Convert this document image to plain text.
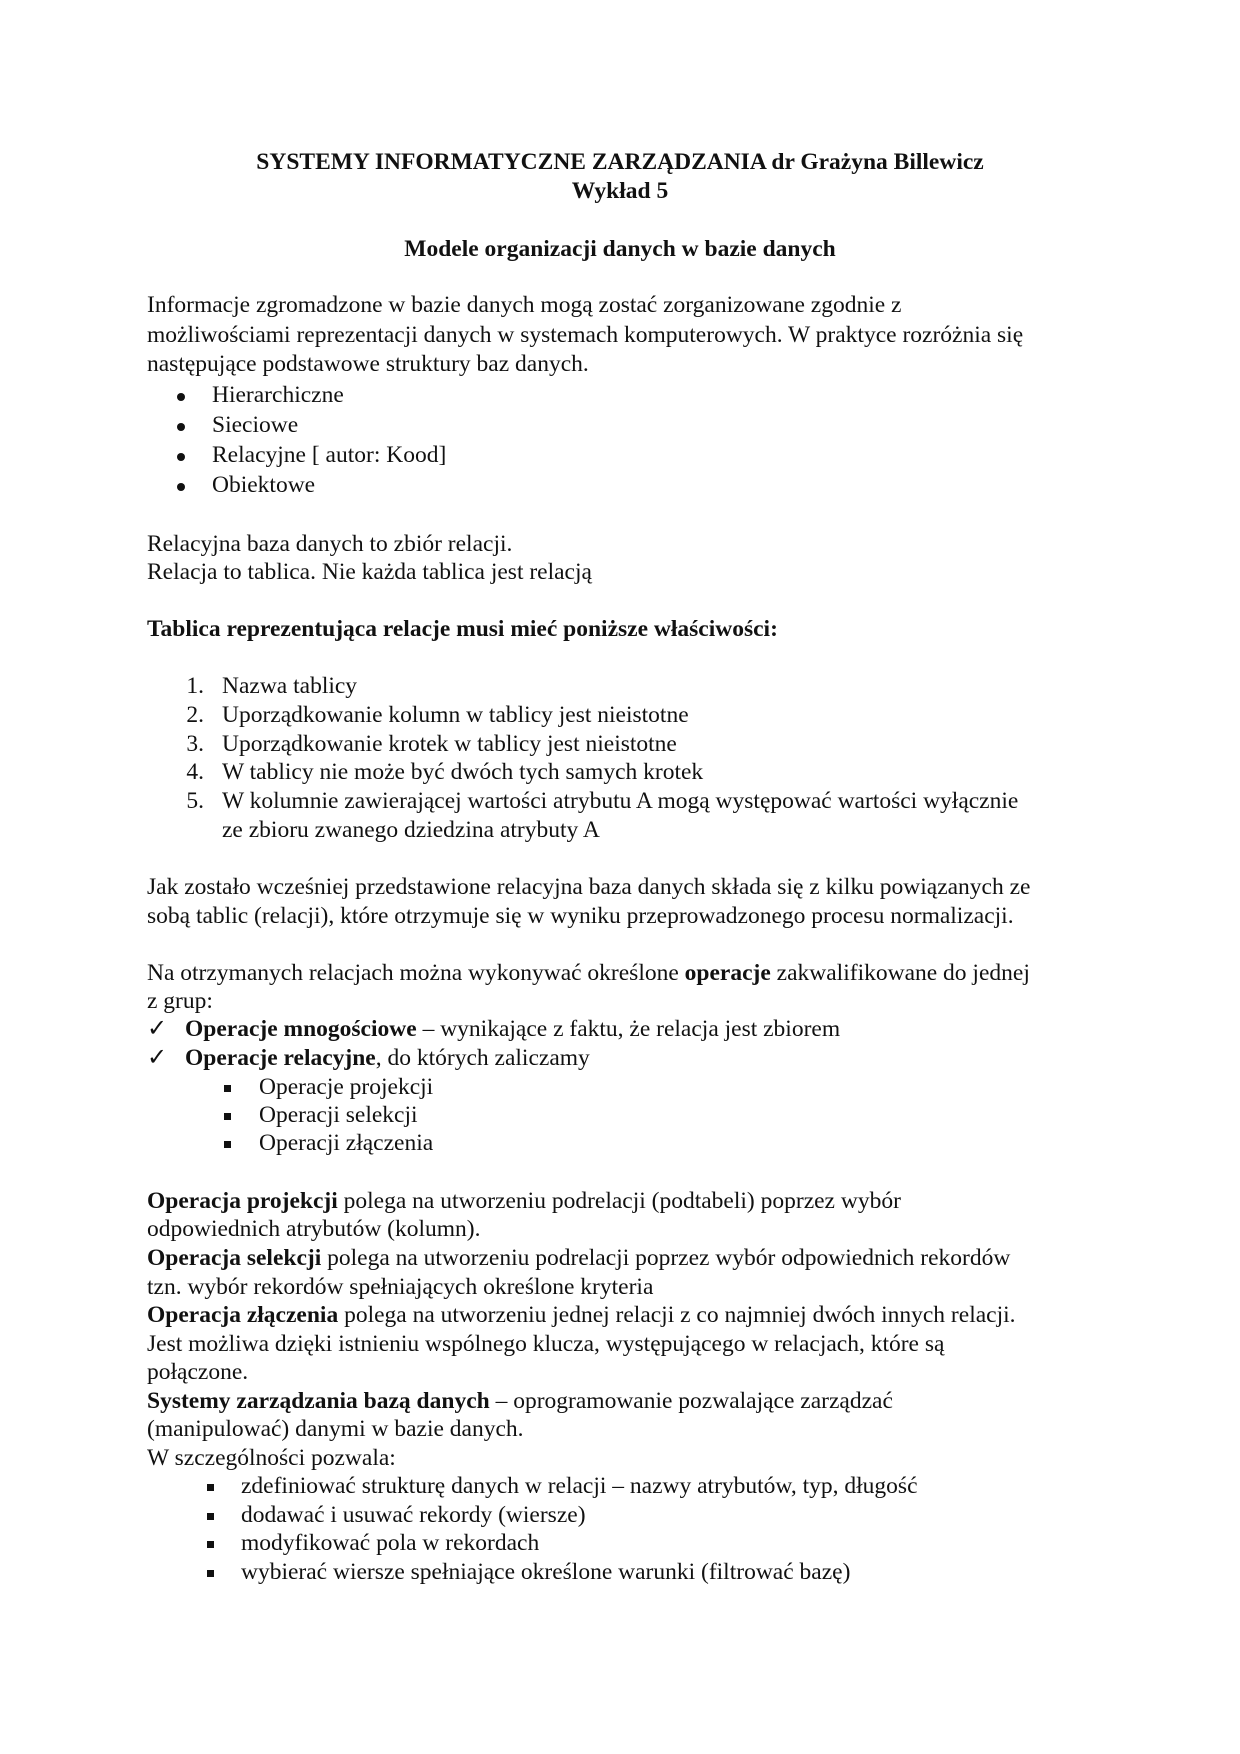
SYSTEMY INFORMATYCZNE ZARZĄDZANIA dr Grażyna Billewicz
Wykład 5
Modele organizacji danych w bazie danych
Informacje zgromadzone w bazie danych mogą zostać zorganizowane zgodnie z
możliwościami reprezentacji danych w systemach komputerowych. W praktyce rozróżnia się
następujące podstawowe struktury baz danych.
Hierarchiczne
Sieciowe
Relacyjne [ autor: Kood]
Obiektowe
Relacyjna baza danych to zbiór relacji.
Relacja to tablica. Nie każda tablica jest relacją
Tablica reprezentująca relacje musi mieć poniższe właściwości:
1. Nazwa tablicy
2. Uporządkowanie kolumn w tablicy jest nieistotne
3. Uporządkowanie krotek w tablicy jest nieistotne
4. W tablicy nie może być dwóch tych samych krotek
5. W kolumnie zawierającej wartości atrybutu A mogą występować wartości wyłącznie
ze zbioru zwanego dziedzina atrybuty A
Jak zostało wcześniej przedstawione relacyjna baza danych składa się z kilku powiązanych ze
sobą tablic (relacji), które otrzymuje się w wyniku przeprowadzonego procesu normalizacji.
Na otrzymanych relacjach można wykonywać określone operacje zakwalifikowane do jednej
z grup:
✓ Operacje mnogościowe – wynikające z faktu, że relacja jest zbiorem
✓ Operacje relacyjne, do których zaliczamy
Operacje projekcji
Operacji selekcji
Operacji złączenia
Operacja projekcji polega na utworzeniu podrelacji (podtabeli) poprzez wybór
odpowiednich atrybutów (kolumn).
Operacja selekcji polega na utworzeniu podrelacji poprzez wybór odpowiednich rekordów
tzn. wybór rekordów spełniających określone kryteria
Operacja złączenia polega na utworzeniu jednej relacji z co najmniej dwóch innych relacji.
Jest możliwa dzięki istnieniu wspólnego klucza, występującego w relacjach, które są
połączone.
Systemy zarządzania bazą danych – oprogramowanie pozwalające zarządzać
(manipulować) danymi w bazie danych.
W szczególności pozwala:
zdefiniować strukturę danych w relacji – nazwy atrybutów, typ, długość
dodawać i usuwać rekordy (wiersze)
modyfikować pola w rekordach
wybierać wiersze spełniające określone warunki (filtrować bazę)
